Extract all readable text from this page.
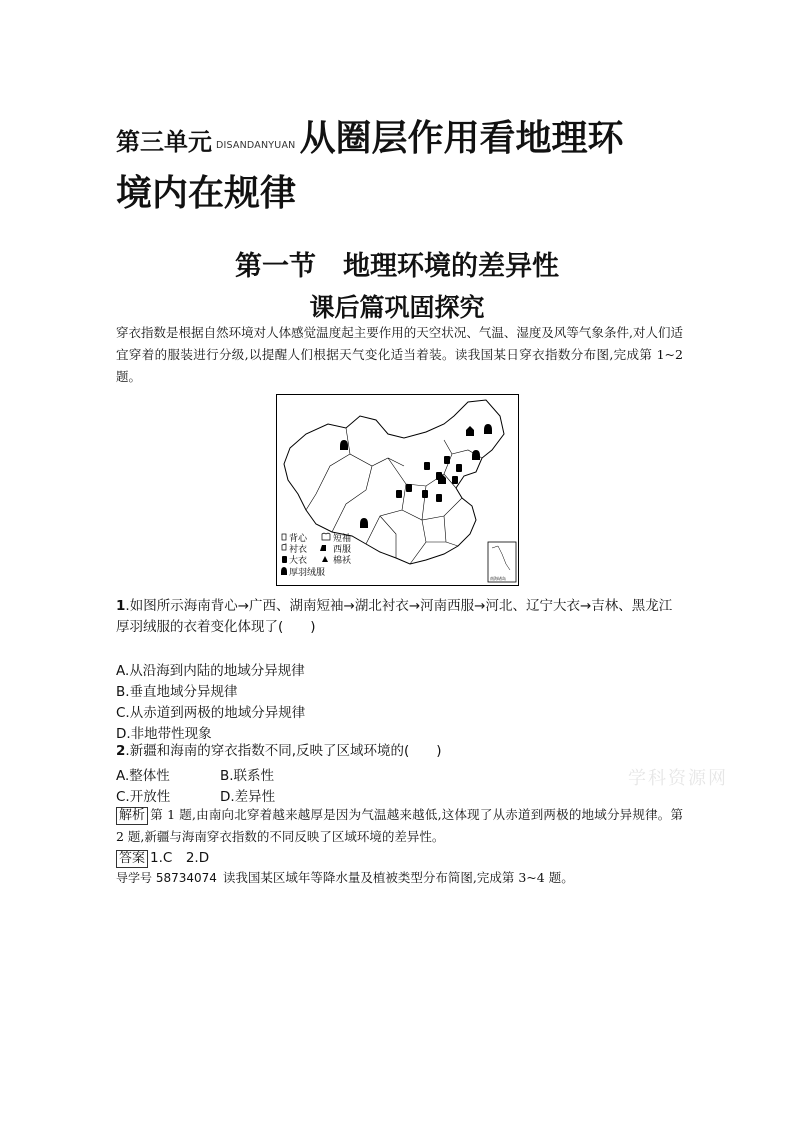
第三单元 DISANDANYUAN 从圈层作用看地理环
境内在规律
第一节　地理环境的差异性
课后篇巩固探究
穿衣指数是根据自然环境对人体感觉温度起主要作用的天空状况、气温、湿度及风等气象条件,对人们适宜穿着的服装进行分级,以提醒人们根据天气变化适当着装。读我国某日穿衣指数分布图,完成第 1~2 题。
南海诸岛
背心	短袖
衬衣	西服
大衣	棉袄
厚羽绒服
1.如图所示海南背心→广西、湖南短袖→湖北衬衣→河南西服→河北、辽宁大衣→吉林、黑龙江厚羽绒服的衣着变化体现了(　　)
A.从沿海到内陆的地域分异规律
B.垂直地域分异规律
C.从赤道到两极的地域分异规律
D.非地带性现象
2.新疆和海南的穿衣指数不同,反映了区域环境的(　　)
A.整体性	B.联系性
C.开放性	D.差异性
学科资源网
解析 第 1 题,由南向北穿着越来越厚是因为气温越来越低,这体现了从赤道到两极的地域分异规律。第 2 题,新疆与海南穿衣指数的不同反映了区域环境的差异性。
答案 1.C　2.D
导学号 58734074 读我国某区域年等降水量及植被类型分布简图,完成第 3~4 题。
